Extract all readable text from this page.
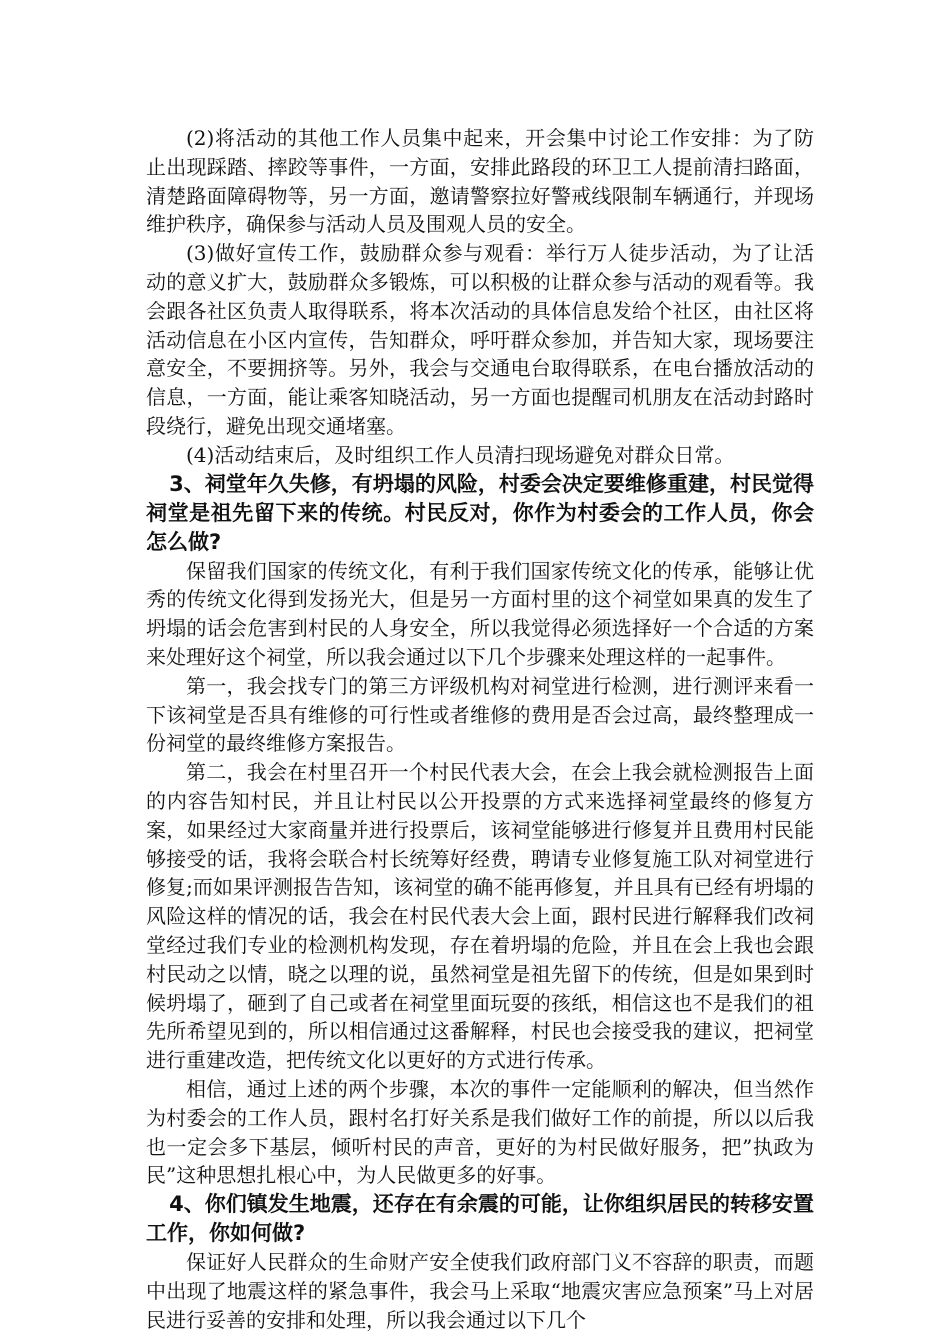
(2)将活动的其他工作人员集中起来，开会集中讨论工作安排：为了防止出现踩踏、摔跤等事件，一方面，安排此路段的环卫工人提前清扫路面，清楚路面障碍物等，另一方面，邀请警察拉好警戒线限制车辆通行，并现场维护秩序，确保参与活动人员及围观人员的安全。

(3)做好宣传工作，鼓励群众参与观看：举行万人徒步活动，为了让活动的意义扩大，鼓励群众多锻炼，可以积极的让群众参与活动的观看等。我会跟各社区负责人取得联系，将本次活动的具体信息发给个社区，由社区将活动信息在小区内宣传，告知群众，呼吁群众参加，并告知大家，现场要注意安全，不要拥挤等。另外，我会与交通电台取得联系，在电台播放活动的信息，一方面，能让乘客知晓活动，另一方面也提醒司机朋友在活动封路时段绕行，避免出现交通堵塞。

(4)活动结束后，及时组织工作人员清扫现场避免对群众日常。

3、祠堂年久失修，有坍塌的风险，村委会决定要维修重建，村民觉得祠堂是祖先留下来的传统。村民反对，你作为村委会的工作人员，你会怎么做?

保留我们国家的传统文化，有利于我们国家传统文化的传承，能够让优秀的传统文化得到发扬光大，但是另一方面村里的这个祠堂如果真的发生了坍塌的话会危害到村民的人身安全，所以我觉得必须选择好一个合适的方案来处理好这个祠堂，所以我会通过以下几个步骤来处理这样的一起事件。

第一，我会找专门的第三方评级机构对祠堂进行检测，进行测评来看一下该祠堂是否具有维修的可行性或者维修的费用是否会过高，最终整理成一份祠堂的最终维修方案报告。

第二，我会在村里召开一个村民代表大会，在会上我会就检测报告上面的内容告知村民，并且让村民以公开投票的方式来选择祠堂最终的修复方案，如果经过大家商量并进行投票后，该祠堂能够进行修复并且费用村民能够接受的话，我将会联合村长统筹好经费，聘请专业修复施工队对祠堂进行修复;而如果评测报告告知，该祠堂的确不能再修复，并且具有已经有坍塌的风险这样的情况的话，我会在村民代表大会上面，跟村民进行解释我们改祠堂经过我们专业的检测机构发现，存在着坍塌的危险，并且在会上我也会跟村民动之以情，晓之以理的说，虽然祠堂是祖先留下的传统，但是如果到时候坍塌了，砸到了自己或者在祠堂里面玩耍的孩纸，相信这也不是我们的祖先所希望见到的，所以相信通过这番解释，村民也会接受我的建议，把祠堂进行重建改造，把传统文化以更好的方式进行传承。

相信，通过上述的两个步骤，本次的事件一定能顺利的解决，但当然作为村委会的工作人员，跟村名打好关系是我们做好工作的前提，所以以后我也一定会多下基层，倾听村民的声音，更好的为村民做好服务，把”执政为民”这种思想扎根心中，为人民做更多的好事。

4、你们镇发生地震，还存在有余震的可能，让你组织居民的转移安置工作，你如何做?

保证好人民群众的生命财产安全使我们政府部门义不容辞的职责，而题中出现了地震这样的紧急事件，我会马上采取“地震灾害应急预案”马上对居民进行妥善的安排和处理，所以我会通过以下几个
